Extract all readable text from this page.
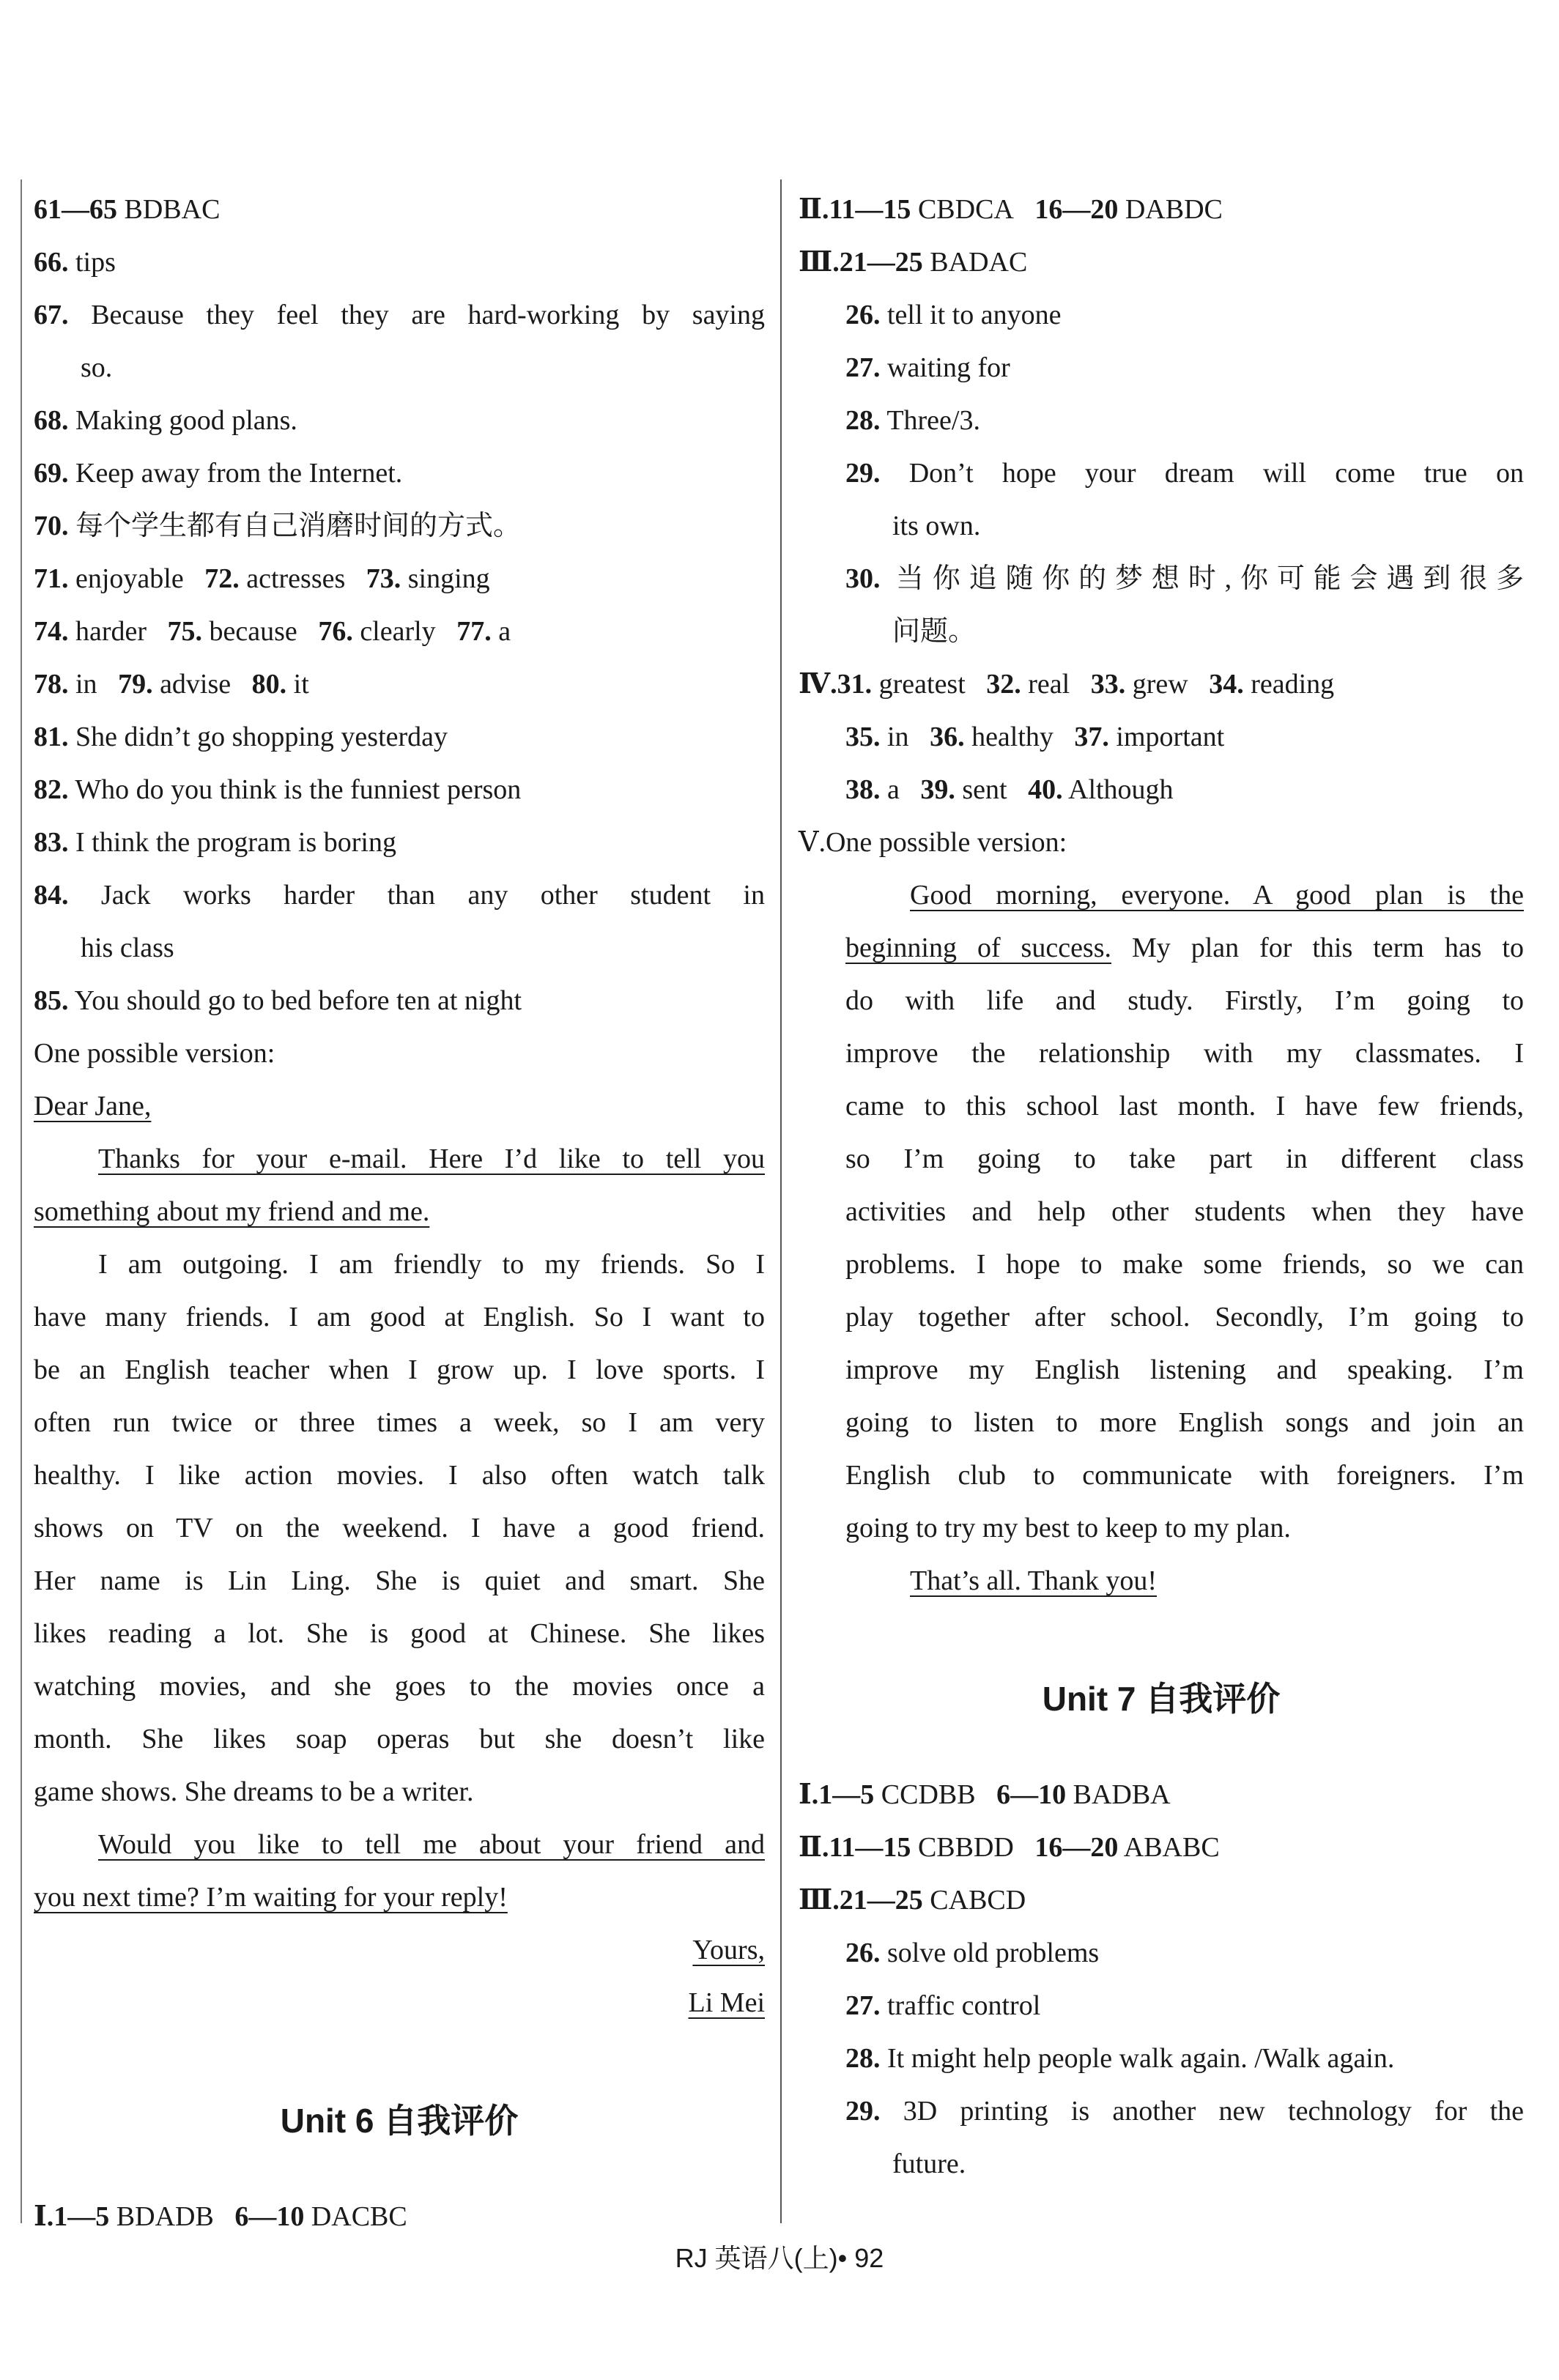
61—65 BDBAC
66. tips
67. Because they feel they are hard-working by saying
so.
68. Making good plans.
69. Keep away from the Internet.
70. 每个学生都有自己消磨时间的方式。
71. enjoyable 72. actresses 73. singing
74. harder 75. because 76. clearly 77. a
78. in 79. advise 80. it
81. She didn’t go shopping yesterday
82. Who do you think is the funniest person
83. I think the program is boring
84. Jack works harder than any other student in
his class
85. You should go to bed before ten at night
One possible version:
Dear Jane,
Thanks for your e-mail. Here I’d like to tell you
something about my friend and me.
I am outgoing. I am friendly to my friends. So I
have many friends. I am good at English. So I want to
be an English teacher when I grow up. I love sports. I
often run twice or three times a week, so I am very
healthy. I like action movies. I also often watch talk
shows on TV on the weekend. I have a good friend.
Her name is Lin Ling. She is quiet and smart. She
likes reading a lot. She is good at Chinese. She likes
watching movies, and she goes to the movies once a
month. She likes soap operas but she doesn’t like
game shows. She dreams to be a writer.
Would you like to tell me about your friend and
you next time? I’m waiting for your reply!
Yours,
Li Mei
Unit 6 自我评价
Ⅰ.1—5 BDADB 6—10 DACBC
Ⅱ.11—15 CBDCA 16—20 DABDC
Ⅲ.21—25 BADAC
26. tell it to anyone
27. waiting for
28. Three/3.
29. Don’t hope your dream will come true on
its own.
30. 当你追随你的梦想时,你可能会遇到很多
问题。
Ⅳ.31. greatest 32. real 33. grew 34. reading
35. in 36. healthy 37. important
38. a 39. sent 40. Although
Ⅴ.One possible version:
Good morning, everyone. A good plan is the
beginning of success. My plan for this term has to
do with life and study. Firstly, I’m going to
improve the relationship with my classmates. I
came to this school last month. I have few friends,
so I’m going to take part in different class
activities and help other students when they have
problems. I hope to make some friends, so we can
play together after school. Secondly, I’m going to
improve my English listening and speaking. I’m
going to listen to more English songs and join an
English club to communicate with foreigners. I’m
going to try my best to keep to my plan.
That’s all. Thank you!
Unit 7 自我评价
Ⅰ.1—5 CCDBB 6—10 BADBA
Ⅱ.11—15 CBBDD 16—20 ABABC
Ⅲ.21—25 CABCD
26. solve old problems
27. traffic control
28. It might help people walk again. /Walk again.
29. 3D printing is another new technology for the
future.
RJ 英语八(上)• 92
